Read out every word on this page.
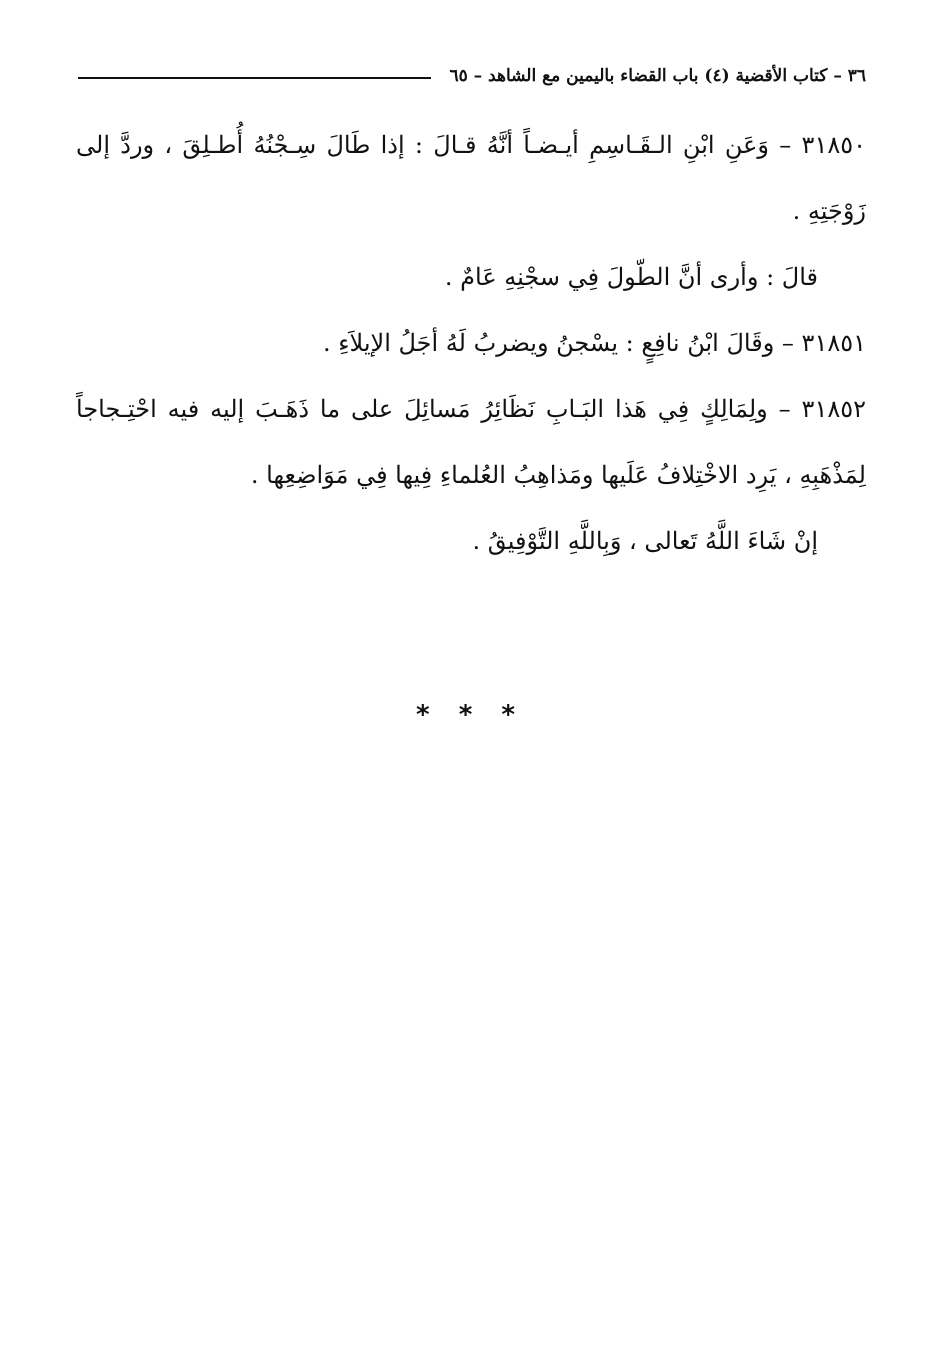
٣٦ – كتاب الأقضية (٤) باب القضاء باليمين مع الشاهد – ٦٥

٣١٨٥٠ – وَعَنِ ابْنِ الـقَـاسِمِ أيـضـاً أنَّهُ قـالَ : إذا طَالَ سِـجْنُهُ أُطـلِقَ ، وردَّ إلى زَوْجَتِهِ .

قالَ : وأرى أنَّ الطّولَ فِي سجْنِهِ عَامٌ .

٣١٨٥١ – وقَالَ ابْنُ نافِعٍ : يسْجنُ ويضربُ لَهُ أجَلُ الإيلاَءِ .

٣١٨٥٢ – ولِمَالِكٍ فِي هَذا البَـابِ نَظَائِرُ مَسائِلَ على ما ذَهَـبَ إليه فيه احْتِـجاجاً لِمَذْهَبِهِ ، يَرِد الاخْتِلافُ عَلَيها ومَذاهِبُ العُلماءِ فِيها فِي مَوَاضِعِها .

إنْ شَاءَ اللَّهُ تَعالى ، وَبِاللَّهِ التَّوْفِيقُ .

* * *
